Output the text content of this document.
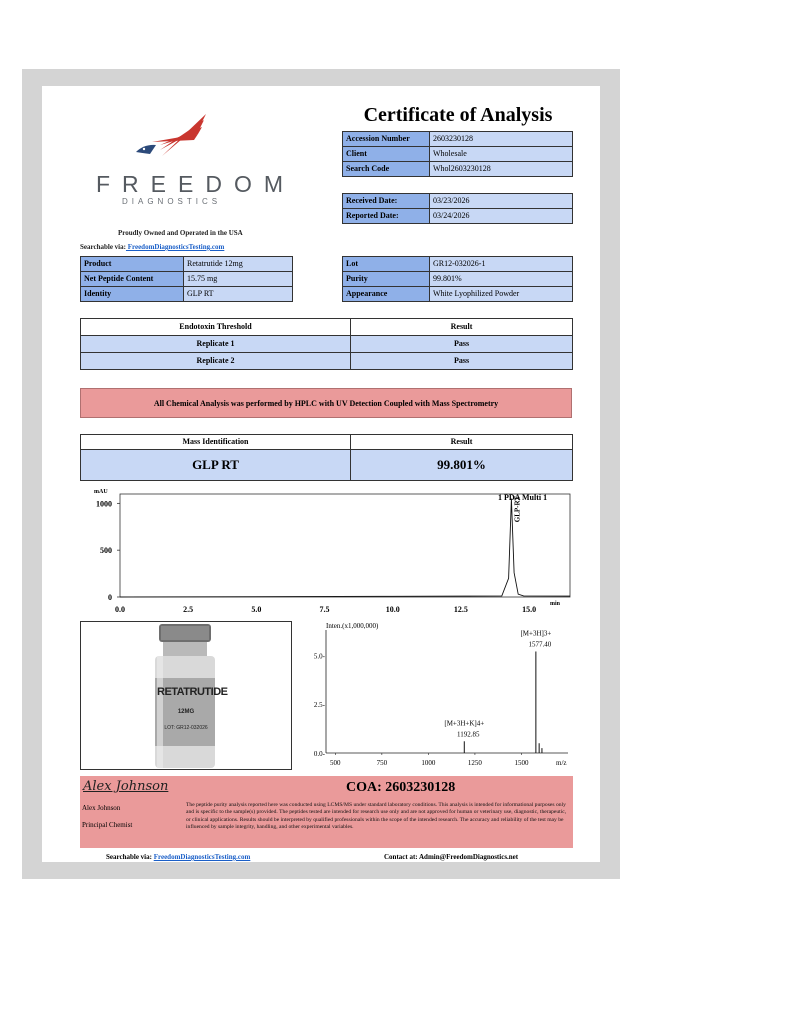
FREEDOM
DIAGNOSTICS
Proudly Owned and Operated in the USA
Searchable via: FreedomDiagnosticsTesting.com
Certificate of Analysis
Accession Number	2603230128
Client	Wholesale
Search Code	Whol2603230128
Received Date:	03/23/2026
Reported Date:	03/24/2026
Product	Retatrutide 12mg
Net Peptide Content	15.75 mg
Identity	GLP RT
Lot	GR12-032026-1
Purity	99.801%
Appearance	White Lyophilized Powder
Endotoxin Threshold	Result
Replicate 1	Pass
Replicate 2	Pass
All Chemical Analysis was performed by HPLC with UV Detection Coupled with Mass Spectrometry
Mass Identification	Result
GLP RT	99.801%
mAU
min
0
500
1000
0.0	2.5	5.0	7.5	10.0	12.5	15.0
1 PDA Multi 1
GLP-RT
RETATRUTIDE
12MG
LOT: GR12-032026
Inten.(x1,000,000)
m/z
0.0-
2.5-
5.0-
500	750	1000	1250	1500
[M+3H]3+
1577.40
[M+3H+K]4+
1192.85
Alex Johnson
Alex Johnson
Principal Chemist
COA: 2603230128
The peptide purity analysis reported here was conducted using LCMS/MS under standard laboratory conditions. This analysis is intended for informational purposes only and is specific to the sample(s) provided. The peptides tested are intended for research use only and are not approved for human or veterinary use, diagnostic, therapeutic, or clinical applications. Results should be interpreted by qualified professionals within the scope of the intended research. The accuracy and reliability of the test may be influenced by sample integrity, handling, and other experimental variables.
Searchable via: FreedomDiagnosticsTesting.com	Contact at: Admin@FreedomDiagnostics.net
